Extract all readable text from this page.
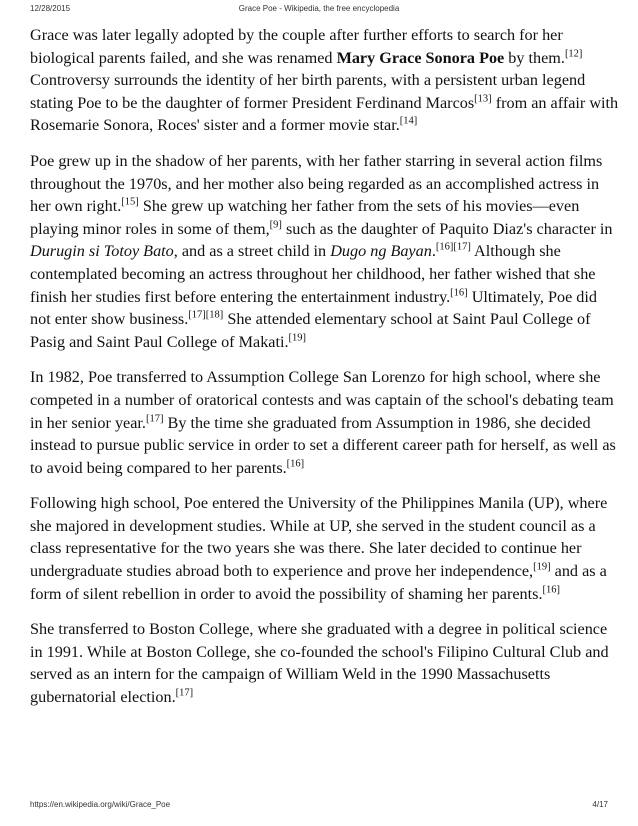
12/28/2015	Grace Poe - Wikipedia, the free encyclopedia

Grace was later legally adopted by the couple after further efforts to search for her biological parents failed, and she was renamed Mary Grace Sonora Poe by them.[12] Controversy surrounds the identity of her birth parents, with a persistent urban legend stating Poe to be the daughter of former President Ferdinand Marcos[13] from an affair with Rosemarie Sonora, Roces' sister and a former movie star.[14]

Poe grew up in the shadow of her parents, with her father starring in several action films throughout the 1970s, and her mother also being regarded as an accomplished actress in her own right.[15] She grew up watching her father from the sets of his movies—even playing minor roles in some of them,[9] such as the daughter of Paquito Diaz's character in Durugin si Totoy Bato, and as a street child in Dugo ng Bayan.[16][17] Although she contemplated becoming an actress throughout her childhood, her father wished that she finish her studies first before entering the entertainment industry.[16] Ultimately, Poe did not enter show business.[17][18] She attended elementary school at Saint Paul College of Pasig and Saint Paul College of Makati.[19]

In 1982, Poe transferred to Assumption College San Lorenzo for high school, where she competed in a number of oratorical contests and was captain of the school's debating team in her senior year.[17] By the time she graduated from Assumption in 1986, she decided instead to pursue public service in order to set a different career path for herself, as well as to avoid being compared to her parents.[16]

Following high school, Poe entered the University of the Philippines Manila (UP), where she majored in development studies. While at UP, she served in the student council as a class representative for the two years she was there. She later decided to continue her undergraduate studies abroad both to experience and prove her independence,[19] and as a form of silent rebellion in order to avoid the possibility of shaming her parents.[16]

She transferred to Boston College, where she graduated with a degree in political science in 1991. While at Boston College, she co-founded the school's Filipino Cultural Club and served as an intern for the campaign of William Weld in the 1990 Massachusetts gubernatorial election.[17]

https://en.wikipedia.org/wiki/Grace_Poe	4/17
